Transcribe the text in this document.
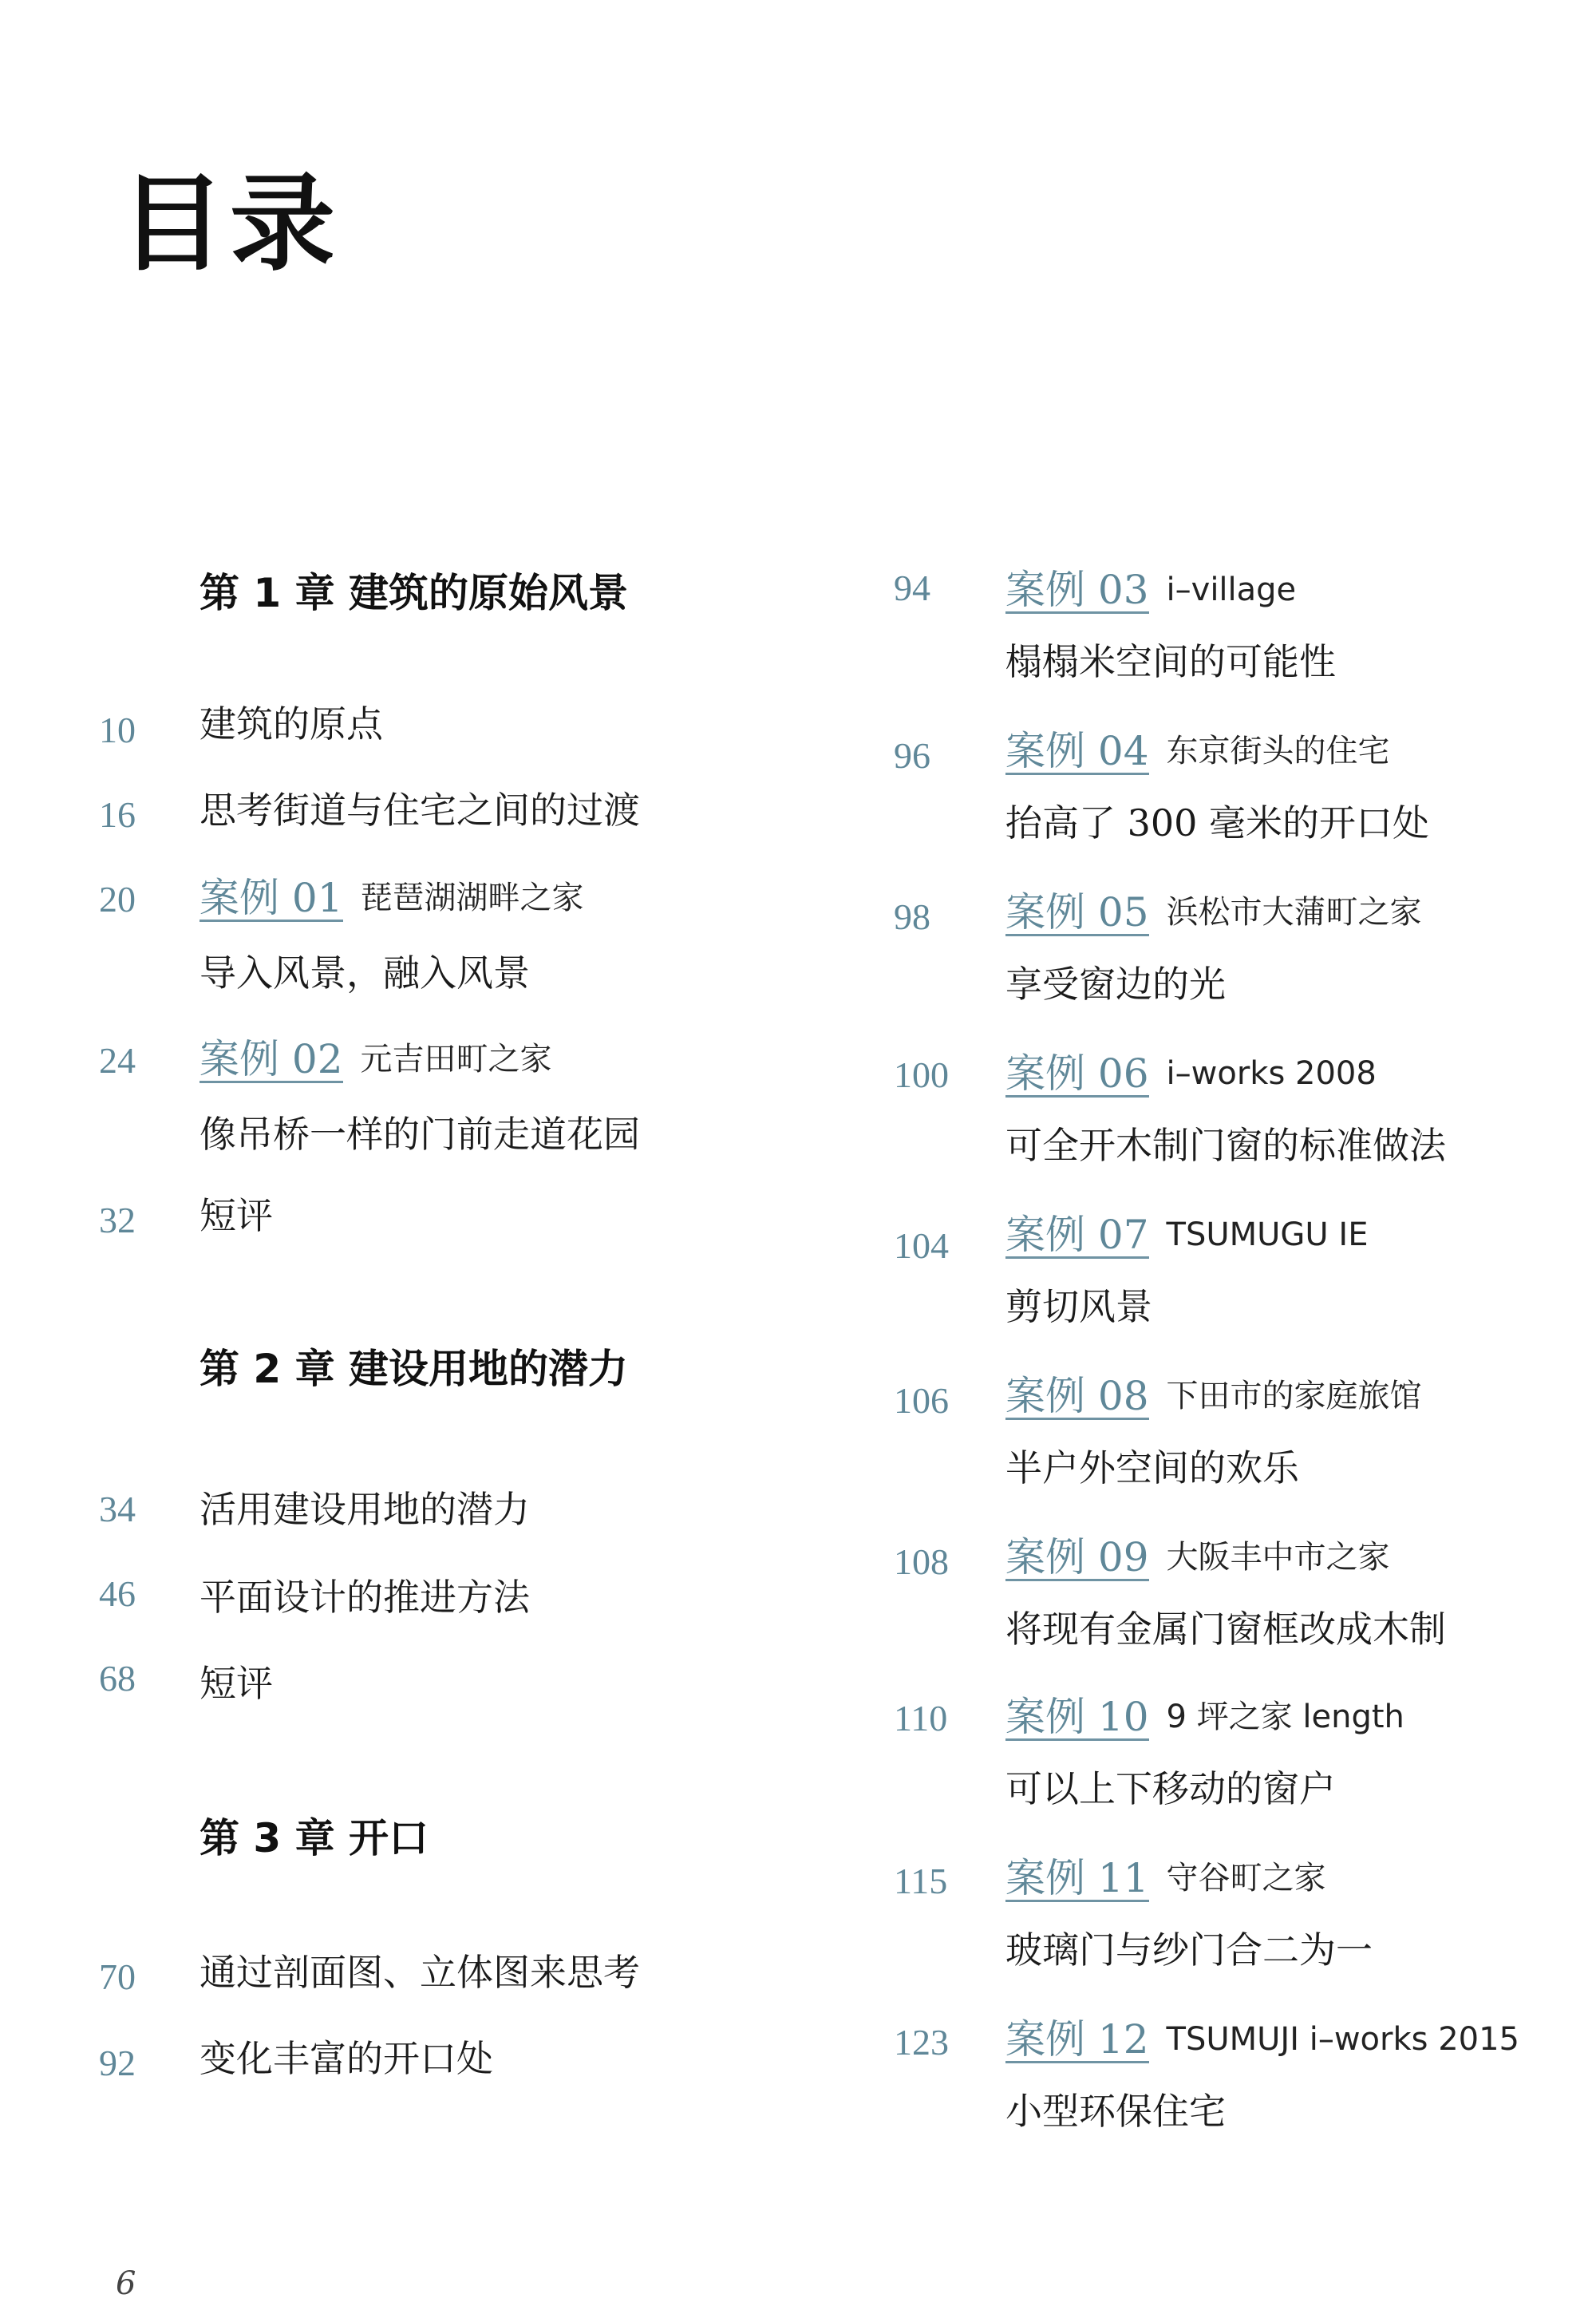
目录
第 1 章 建筑的原始风景
10 建筑的原点
16 思考街道与住宅之间的过渡
20 案例 01 琵琶湖湖畔之家
导入风景，融入风景
24 案例 02 元吉田町之家
像吊桥一样的门前走道花园
32 短评
第 2 章 建设用地的潜力
34 活用建设用地的潜力
46 平面设计的推进方法
68 短评
第 3 章 开口
70 通过剖面图、立体图来思考
92 变化丰富的开口处
94 案例 03 i–village
榻榻米空间的可能性
96 案例 04 东京街头的住宅
抬高了 300 毫米的开口处
98 案例 05 浜松市大蒲町之家
享受窗边的光
100 案例 06 i–works 2008
可全开木制门窗的标准做法
104 案例 07 TSUMUGU IE
剪切风景
106 案例 08 下田市的家庭旅馆
半户外空间的欢乐
108 案例 09 大阪丰中市之家
将现有金属门窗框改成木制
110 案例 10 9 坪之家 length
可以上下移动的窗户
115 案例 11 守谷町之家
玻璃门与纱门合二为一
123 案例 12 TSUMUJI i–works 2015
小型环保住宅
6
